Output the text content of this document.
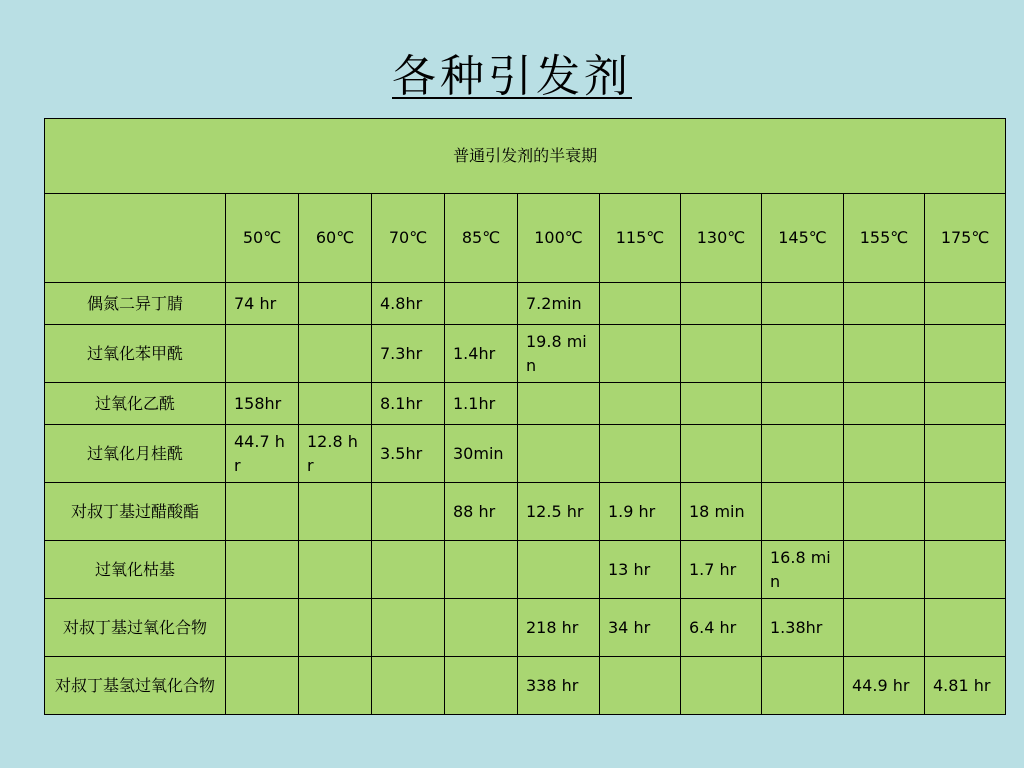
各种引发剂
普通引发剂的半衰期										
	50℃	60℃	70℃	85℃	100℃	115℃	130℃	145℃	155℃	175℃
偶氮二异丁腈	74 hr		4.8hr		7.2min					
过氧化苯甲酰			7.3hr	1.4hr	19.8 min					
过氧化乙酰	158hr		8.1hr	1.1hr						
过氧化月桂酰	44.7 hr	12.8 hr	3.5hr	30min						
对叔丁基过醋酸酯				88 hr	12.5 hr	1.9 hr	18 min			
过氧化枯基						13 hr	1.7 hr	16.8 min		
对叔丁基过氧化合物					218 hr	34 hr	6.4 hr	1.38hr		
对叔丁基氢过氧化合物					338 hr				44.9 hr	4.81 hr
